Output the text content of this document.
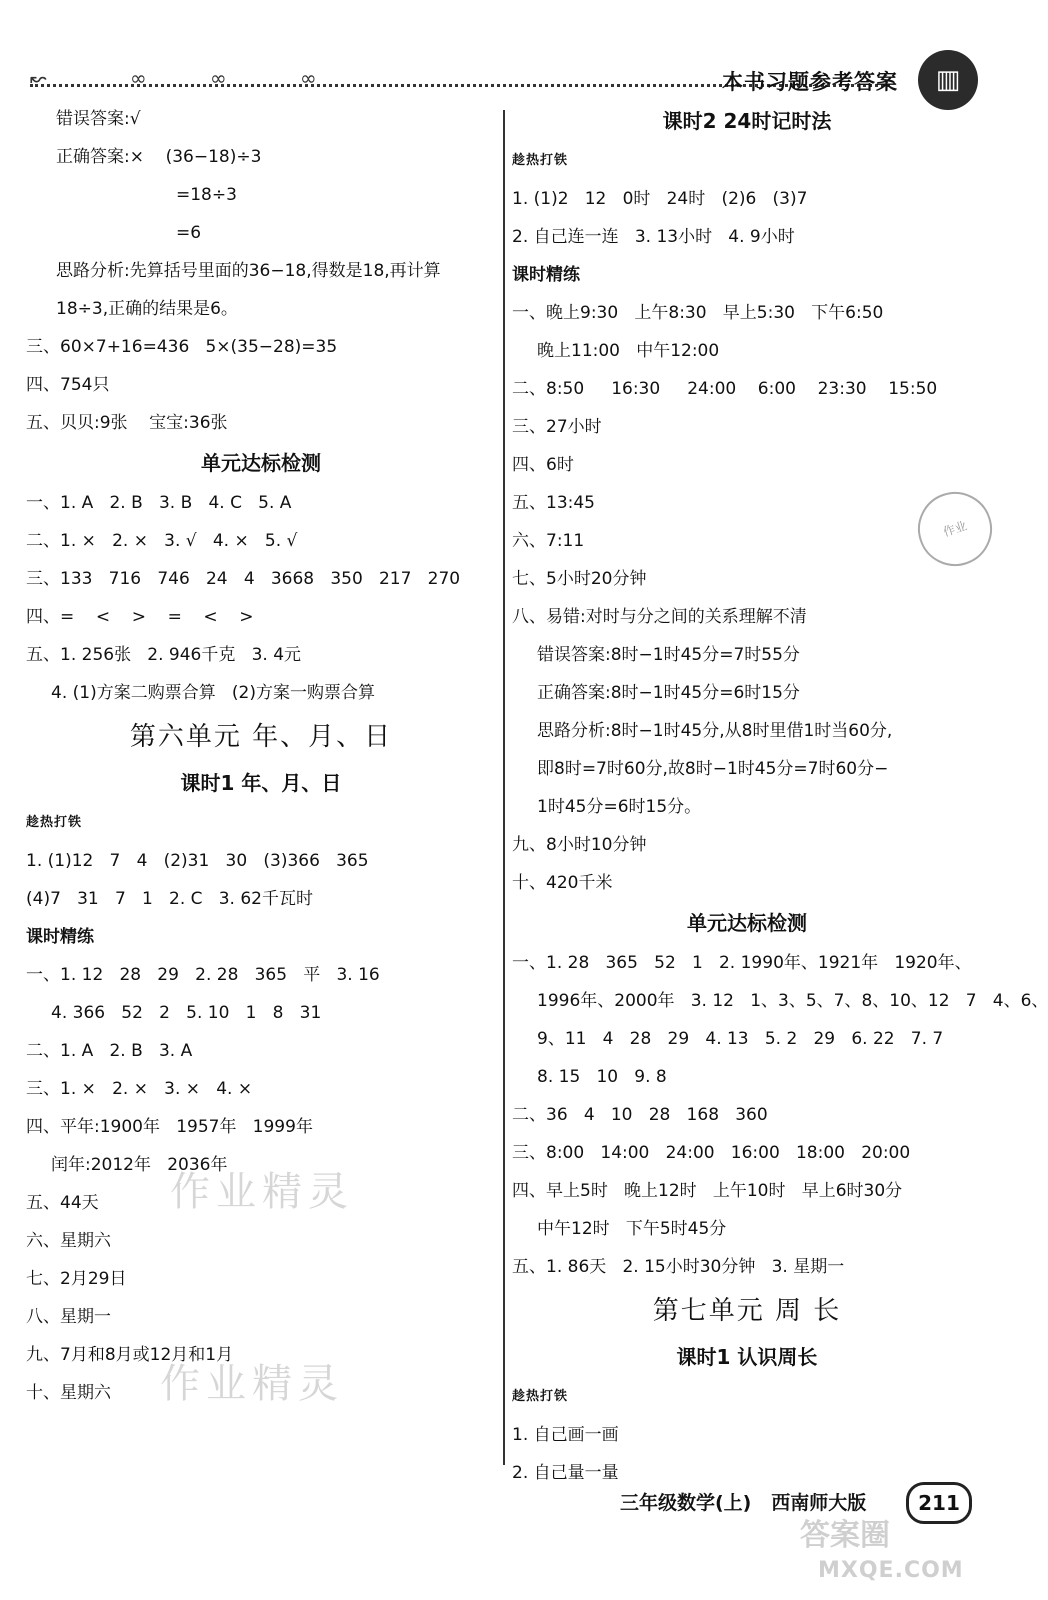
↜	∞	∞	∞	本书习题参考答案	▥
错误答案:√
正确答案:×    (36−18)÷3
=18÷3
=6
思路分析:先算括号里面的36−18,得数是18,再计算
18÷3,正确的结果是6。
三、60×7+16=436   5×(35−28)=35
四、754只
五、贝贝:9张    宝宝:36张
单元达标检测
一、1. A   2. B   3. B   4. C   5. A
二、1. ×   2. ×   3. √   4. ×   5. √
三、133   716   746   24   4   3668   350   217   270
四、=    <    >    =    <    >
五、1. 256张   2. 946千克   3. 4元
4. (1)方案二购票合算   (2)方案一购票合算
第六单元 年、月、日
课时1 年、月、日
趁热打铁
1. (1)12   7   4   (2)31   30   (3)366   365
(4)7   31   7   1   2. C   3. 62千瓦时
课时精练
一、1. 12   28   29   2. 28   365   平   3. 16
4. 366   52   2   5. 10   1   8   31
二、1. A   2. B   3. A
三、1. ×   2. ×   3. ×   4. ×
四、平年:1900年   1957年   1999年
闰年:2012年   2036年
五、44天
六、星期六
七、2月29日
八、星期一
九、7月和8月或12月和1月
十、星期六
课时2 24时记时法
趁热打铁
1. (1)2   12   0时   24时   (2)6   (3)7
2. 自己连一连   3. 13小时   4. 9小时
课时精练
一、晚上9:30   上午8:30   早上5:30   下午6:50
晚上11:00   中午12:00
二、8:50     16:30     24:00    6:00    23:30    15:50
三、27小时
四、6时
五、13:45
六、7:11
七、5小时20分钟
八、易错:对时与分之间的关系理解不清
错误答案:8时−1时45分=7时55分
正确答案:8时−1时45分=6时15分
思路分析:8时−1时45分,从8时里借1时当60分,
即8时=7时60分,故8时−1时45分=7时60分−
1时45分=6时15分。
九、8小时10分钟
十、420千米
单元达标检测
一、1. 28   365   52   1   2. 1990年、1921年   1920年、
1996年、2000年   3. 12   1、3、5、7、8、10、12   7   4、6、
9、11   4   28   29   4. 13   5. 2   29   6. 22   7. 7
8. 15   10   9. 8
二、36   4   10   28   168   360
三、8:00   14:00   24:00   16:00   18:00   20:00
四、早上5时   晚上12时   上午10时   早上6时30分
中午12时   下午5时45分
五、1. 86天   2. 15小时30分钟   3. 星期一
第七单元 周 长
课时1 认识周长
趁热打铁
1. 自己画一画
2. 自己量一量
作业
作业精灵
作业精灵
三年级数学(上)   西南师大版	211
答案圈
MXQE.COM
